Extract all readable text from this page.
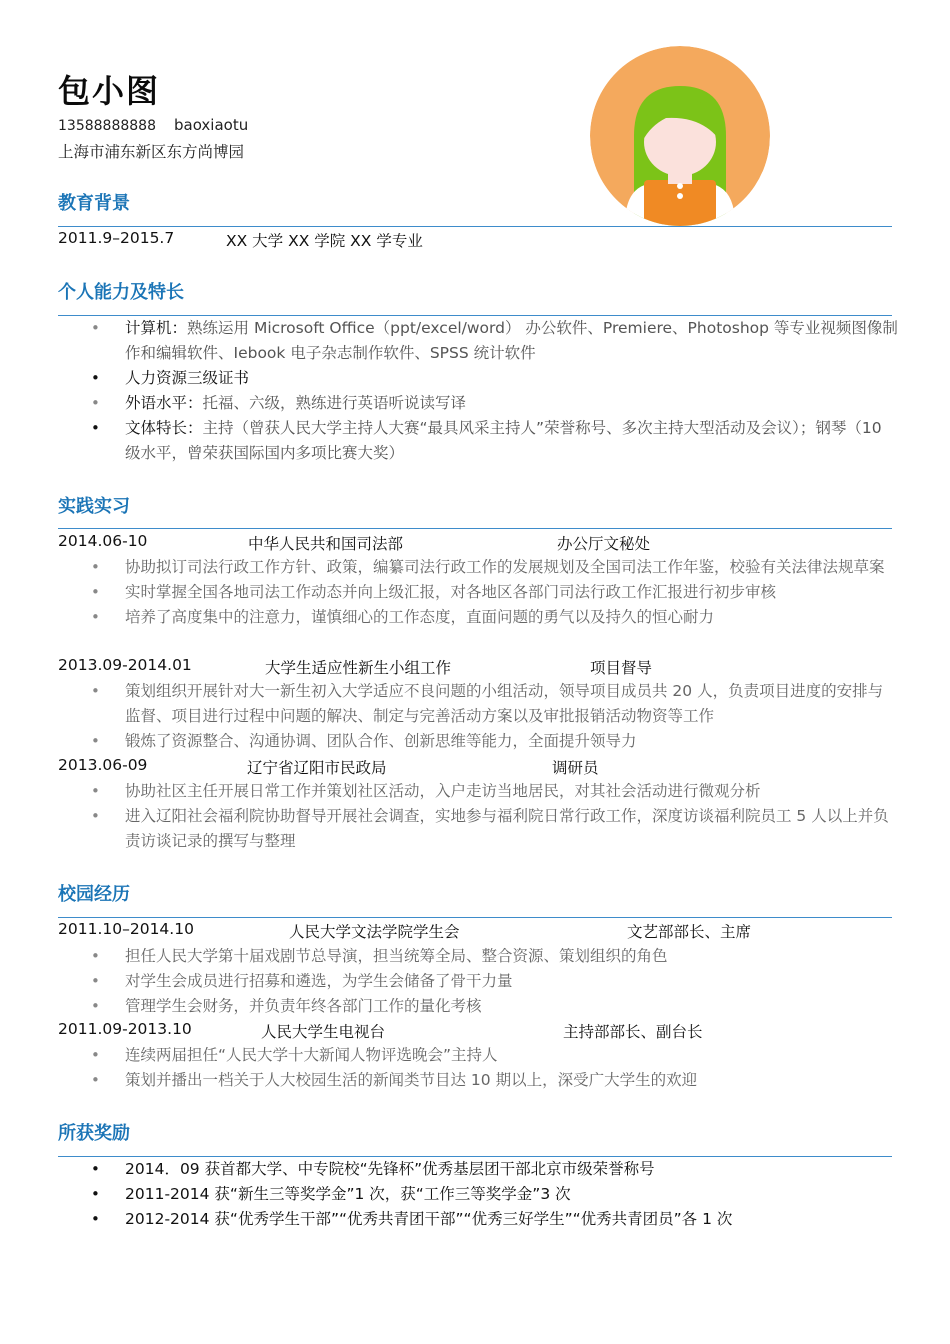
包小图
13588888888 baoxiaotu
上海市浦东新区东方尚博园
教育背景
2011.9–2015.7	XX 大学 XX 学院 XX 学专业
个人能力及特长
• 计算机：熟练运用 Microsoft Office（ppt/excel/word） 办公软件、Premiere、Photoshop 等专业视频图像制作和编辑软件、Iebook 电子杂志制作软件、SPSS 统计软件
• 人力资源三级证书
• 外语水平：托福、六级，熟练进行英语听说读写译
• 文体特长：主持（曾获人民大学主持人大赛“最具风采主持人”荣誉称号、多次主持大型活动及会议）；钢琴（10 级水平，曾荣获国际国内多项比赛大奖）
实践实习
2014.06-10	中华人民共和国司法部	办公厅文秘处
• 协助拟订司法行政工作方针、政策，编纂司法行政工作的发展规划及全国司法工作年鉴，校验有关法律法规草案
• 实时掌握全国各地司法工作动态并向上级汇报，对各地区各部门司法行政工作汇报进行初步审核
• 培养了高度集中的注意力，谨慎细心的工作态度，直面问题的勇气以及持久的恒心耐力
2013.09-2014.01	大学生适应性新生小组工作	项目督导
• 策划组织开展针对大一新生初入大学适应不良问题的小组活动，领导项目成员共 20 人，负责项目进度的安排与监督、项目进行过程中问题的解决、制定与完善活动方案以及审批报销活动物资等工作
• 锻炼了资源整合、沟通协调、团队合作、创新思维等能力，全面提升领导力
2013.06-09	辽宁省辽阳市民政局	调研员
• 协助社区主任开展日常工作并策划社区活动，入户走访当地居民，对其社会活动进行微观分析
• 进入辽阳社会福利院协助督导开展社会调查，实地参与福利院日常行政工作，深度访谈福利院员工 5 人以上并负责访谈记录的撰写与整理
校园经历
2011.10–2014.10	人民大学文法学院学生会	文艺部部长、主席
• 担任人民大学第十届戏剧节总导演，担当统筹全局、整合资源、策划组织的角色
• 对学生会成员进行招募和遴选，为学生会储备了骨干力量
• 管理学生会财务，并负责年终各部门工作的量化考核
2011.09-2013.10	人民大学生电视台	主持部部长、副台长
• 连续两届担任“人民大学十大新闻人物评选晚会”主持人
• 策划并播出一档关于人大校园生活的新闻类节目达 10 期以上，深受广大学生的欢迎
所获奖励
• 2014．09 获首都大学、中专院校“先锋杯”优秀基层团干部北京市级荣誉称号
• 2011-2014 获“新生三等奖学金”1 次，获“工作三等奖学金”3 次
• 2012-2014 获“优秀学生干部”“优秀共青团干部”“优秀三好学生”“优秀共青团员”各 1 次
